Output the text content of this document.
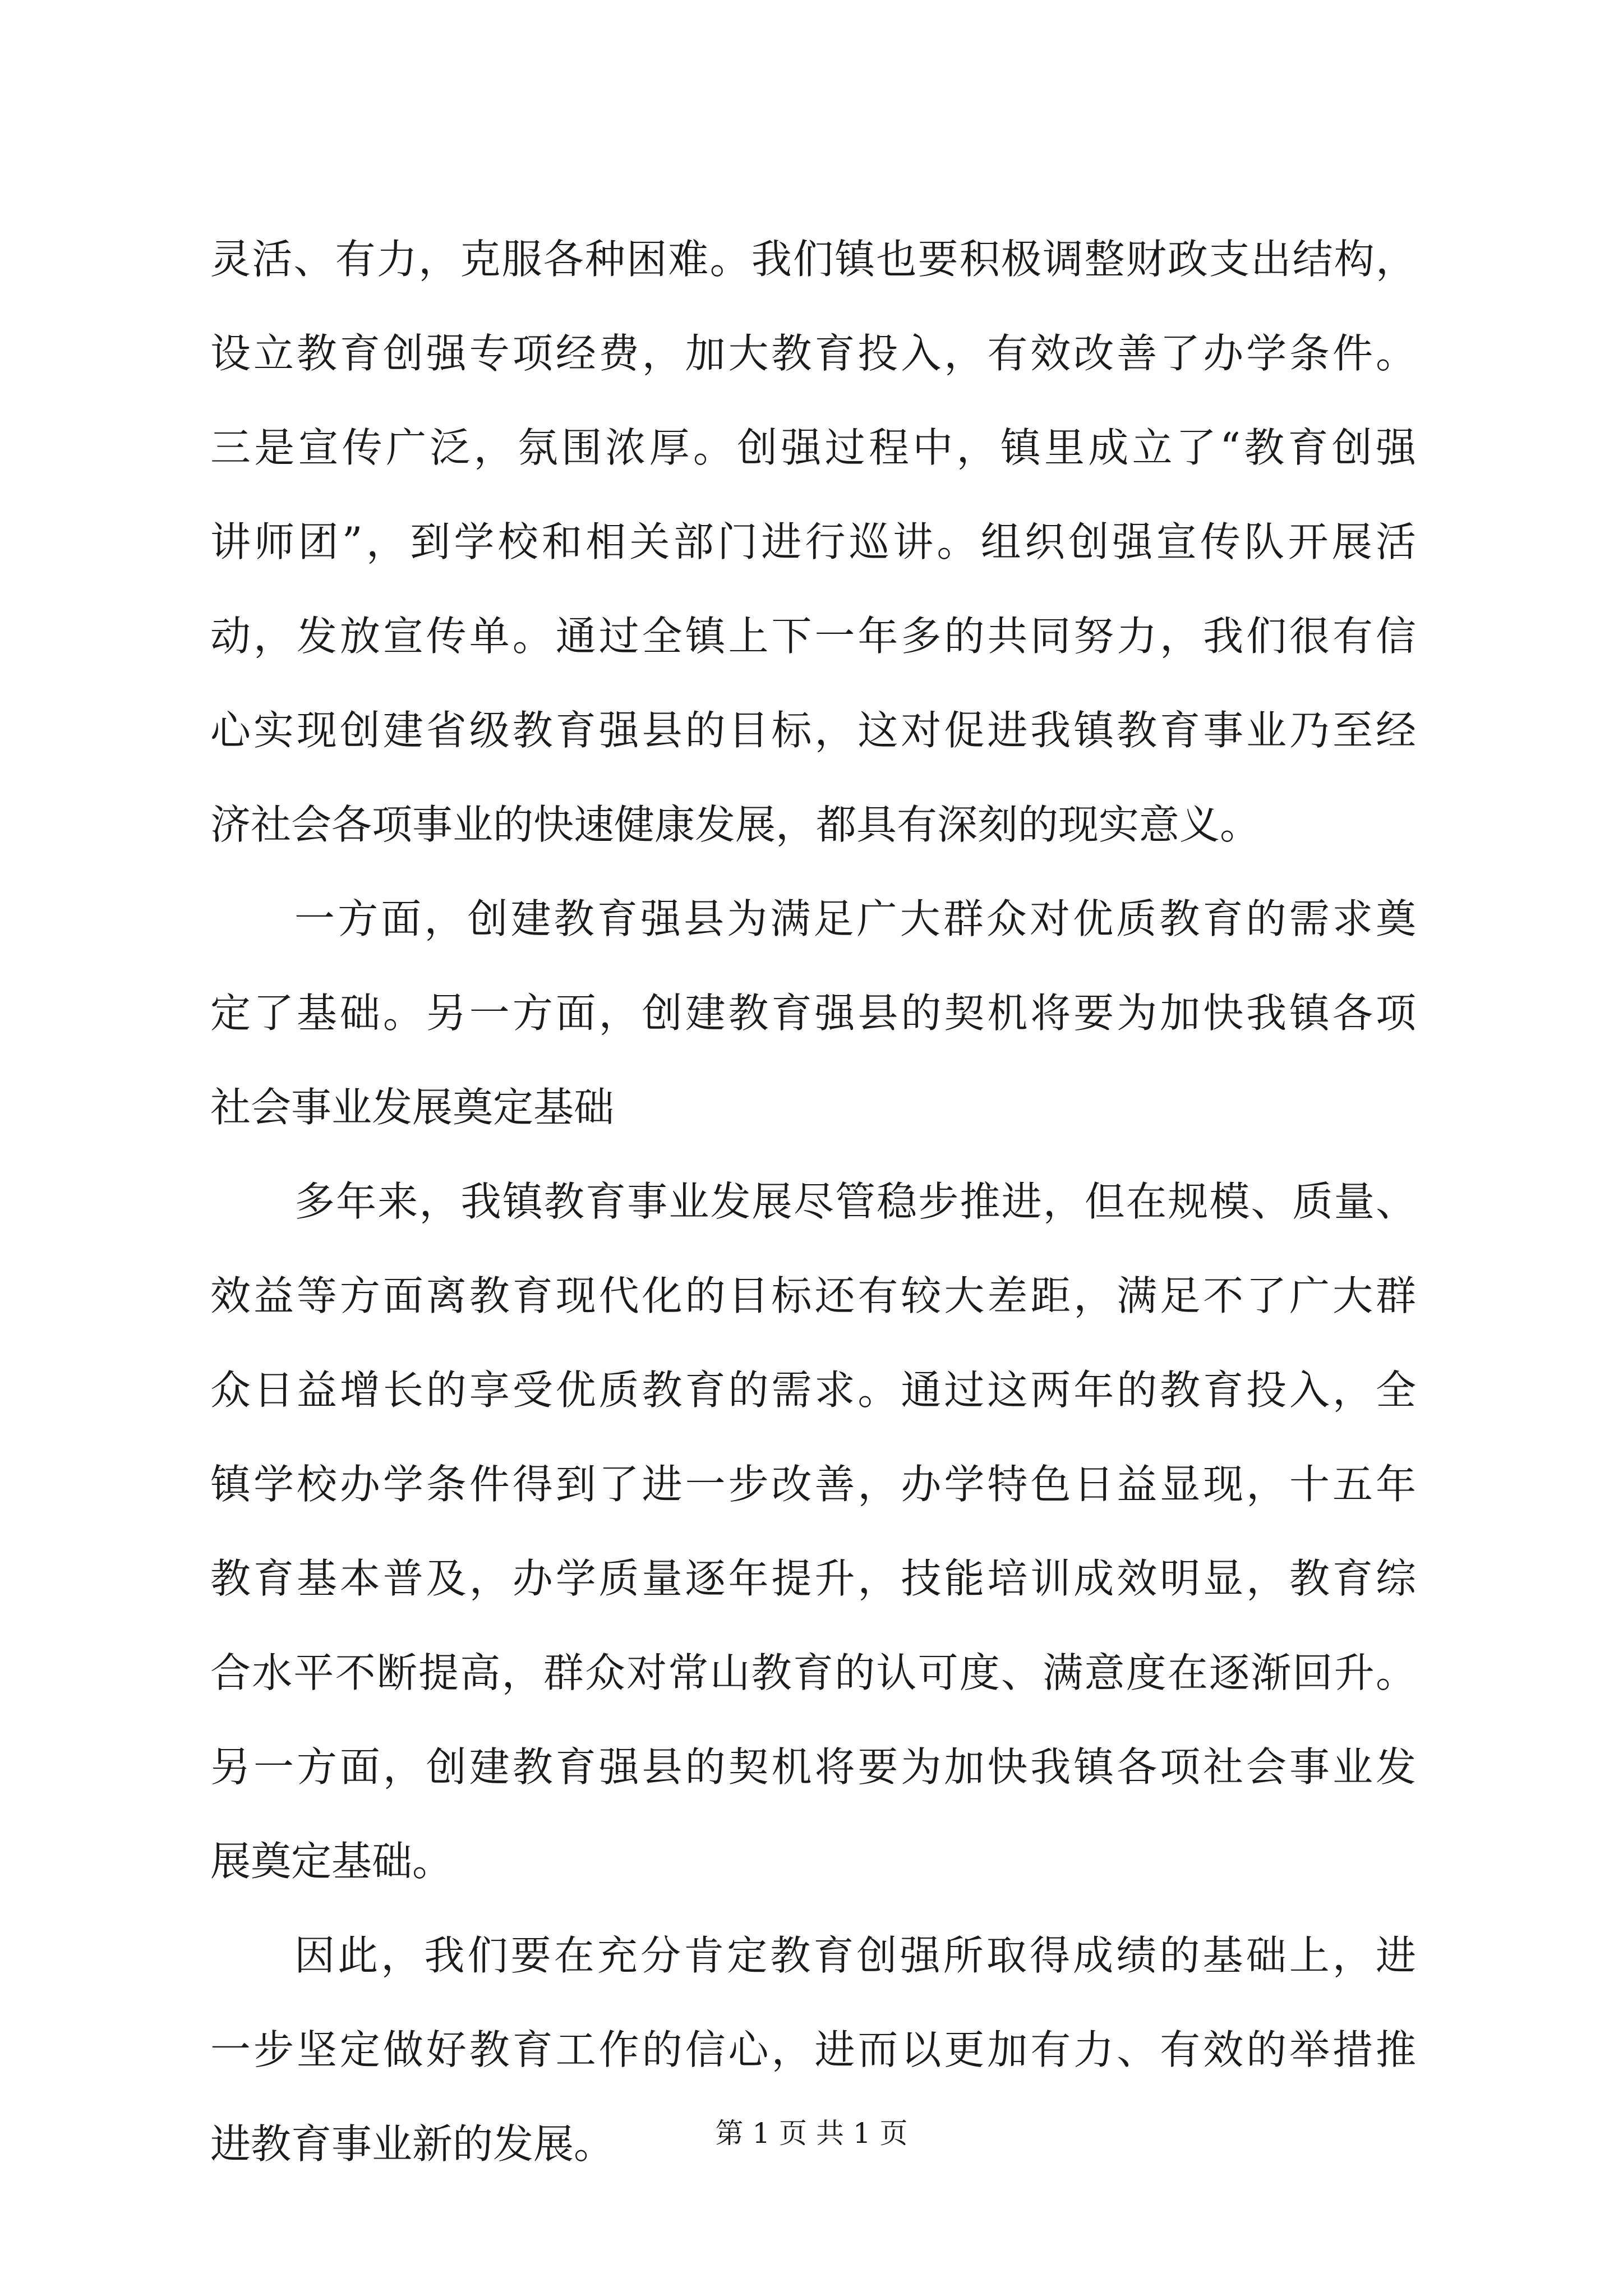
灵活、有力，克服各种困难。我们镇也要积极调整财政支出结构，
设立教育创强专项经费，加大教育投入，有效改善了办学条件。
三是宣传广泛，氛围浓厚。创强过程中，镇里成立了“教育创强
讲师团”，到学校和相关部门进行巡讲。组织创强宣传队开展活
动，发放宣传单。通过全镇上下一年多的共同努力，我们很有信
心实现创建省级教育强县的目标，这对促进我镇教育事业乃至经
济社会各项事业的快速健康发展，都具有深刻的现实意义。
一方面，创建教育强县为满足广大群众对优质教育的需求奠
定了基础。另一方面，创建教育强县的契机将要为加快我镇各项
社会事业发展奠定基础
多年来，我镇教育事业发展尽管稳步推进，但在规模、质量、
效益等方面离教育现代化的目标还有较大差距，满足不了广大群
众日益增长的享受优质教育的需求。通过这两年的教育投入，全
镇学校办学条件得到了进一步改善，办学特色日益显现，十五年
教育基本普及，办学质量逐年提升，技能培训成效明显，教育综
合水平不断提高，群众对常山教育的认可度、满意度在逐渐回升。
另一方面，创建教育强县的契机将要为加快我镇各项社会事业发
展奠定基础。
因此，我们要在充分肯定教育创强所取得成绩的基础上，进
一步坚定做好教育工作的信心，进而以更加有力、有效的举措推
进教育事业新的发展。	第 1 页 共 1 页
